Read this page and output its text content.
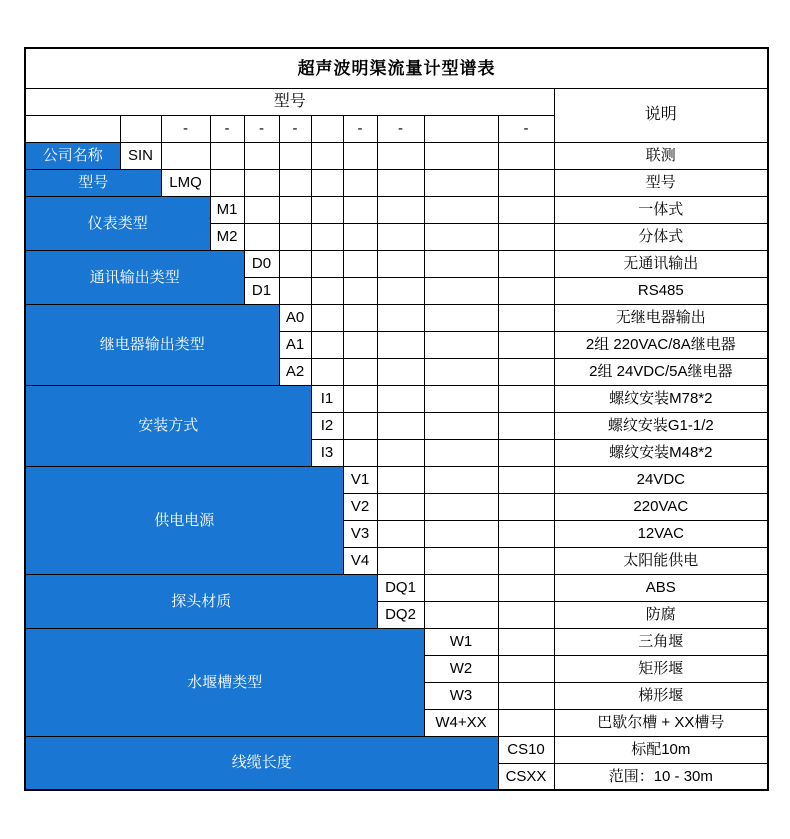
超声波明渠流量计型谱表											
型号											说明
		-	-	-	-		-	-		-	
公司名称	SIN										联测
型号		LMQ									型号
仪表类型			M1								一体式
			M2								分体式
通讯输出类型				D0							无通讯输出
				D1							RS485
继电器输出类型					A0						无继电器输出
					A1						2组 220VAC/8A继电器
					A2						2组 24VDC/5A继电器
安装方式						I1					螺纹安装M78*2
						I2					螺纹安装G1-1/2
						I3					螺纹安装M48*2
供电电源							V1				24VDC
							V2				220VAC
							V3				12VAC
							V4				太阳能供电
探头材质								DQ1			ABS
								DQ2			防腐
水堰槽类型									W1		三角堰
									W2		矩形堰
									W3		梯形堰
									W4+XX		巴歇尔槽 + XX槽号
线缆长度										CS10	标配10m
										CSXX	范围：10 - 30m
